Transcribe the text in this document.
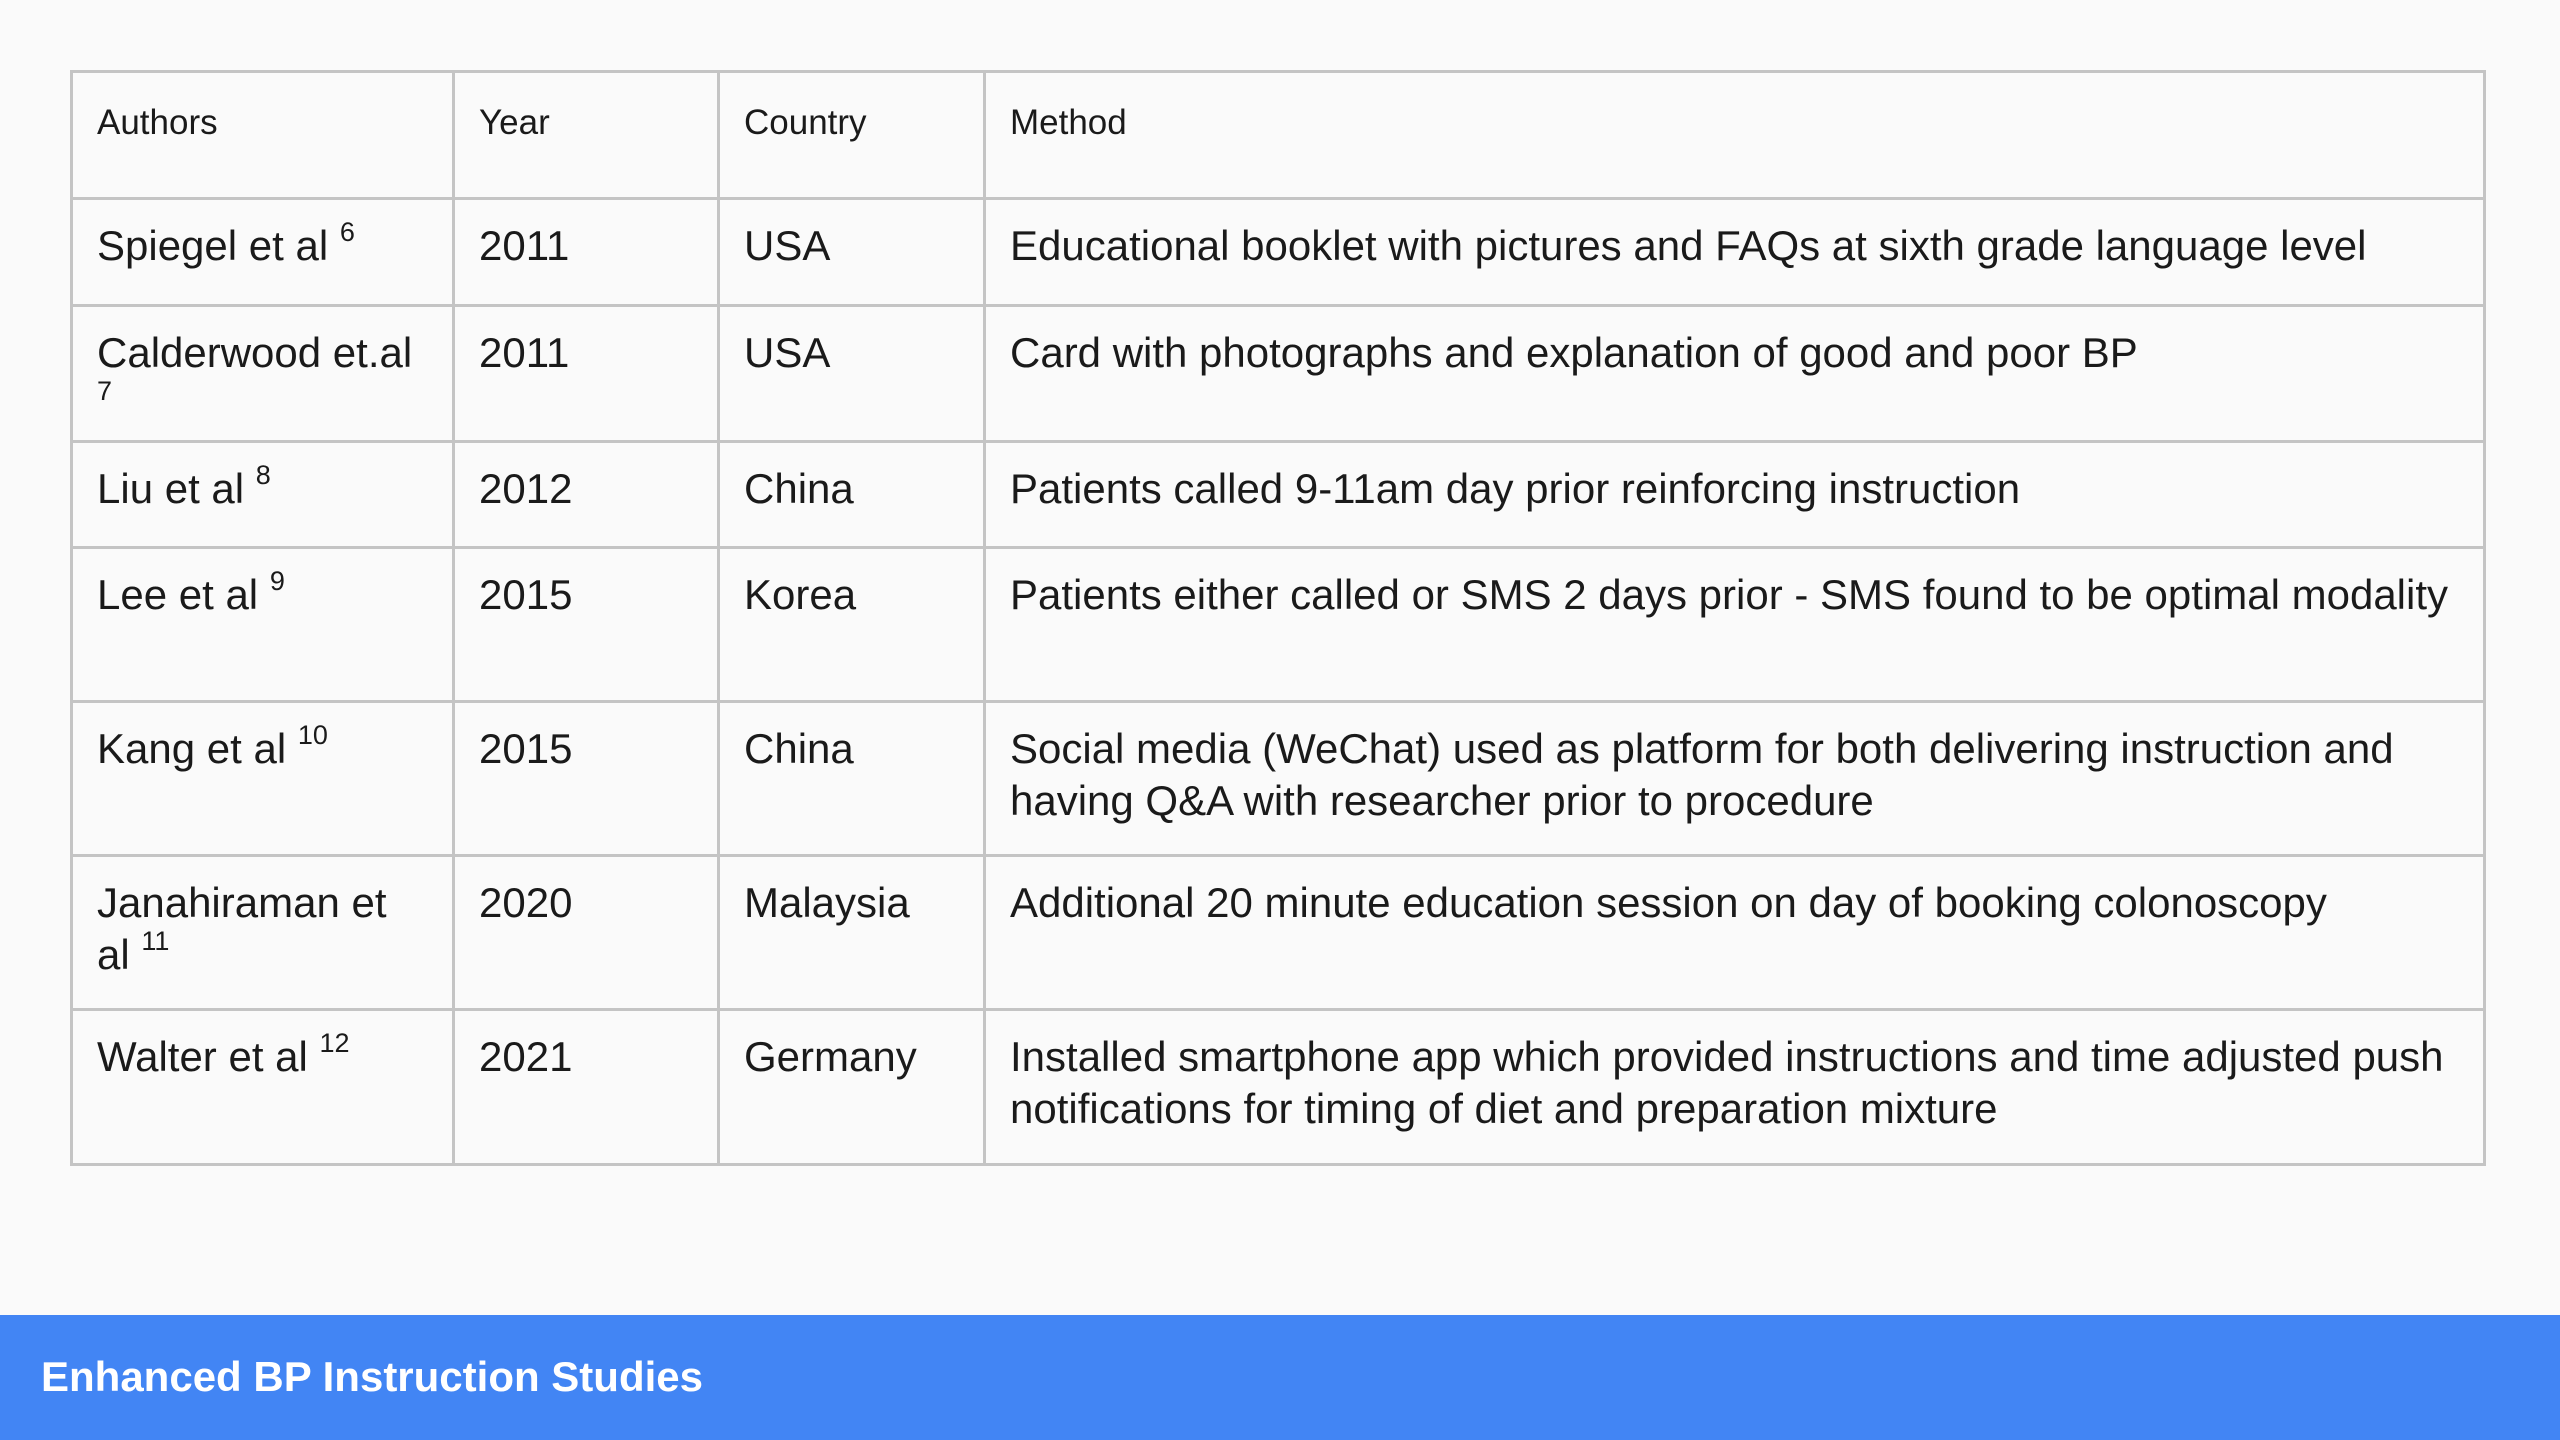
Authors	Year	Country	Method
Spiegel et al $^6$	2011	USA	Educational booklet with pictures and FAQs at sixth grade language level
Calderwood et.al $^7$	2011	USA	Card with photographs and explanation of good and poor BP
Liu et al $^8$	2012	China	Patients called 9-11am day prior reinforcing instruction
Lee et al $^9$	2015	Korea	Patients either called or SMS 2 days prior - SMS found to be optimal modality
Kang et al $^{10}$	2015	China	Social media (WeChat) used as platform for both delivering instruction and having Q&A with researcher prior to procedure
Janahiraman et al $^{11}$	2020	Malaysia	Additional 20 minute education session on day of booking colonoscopy
Walter et al $^{12}$	2021	Germany	Installed smartphone app which provided instructions and time adjusted push notifications for timing of diet and preparation mixture
Enhanced BP Instruction Studies
